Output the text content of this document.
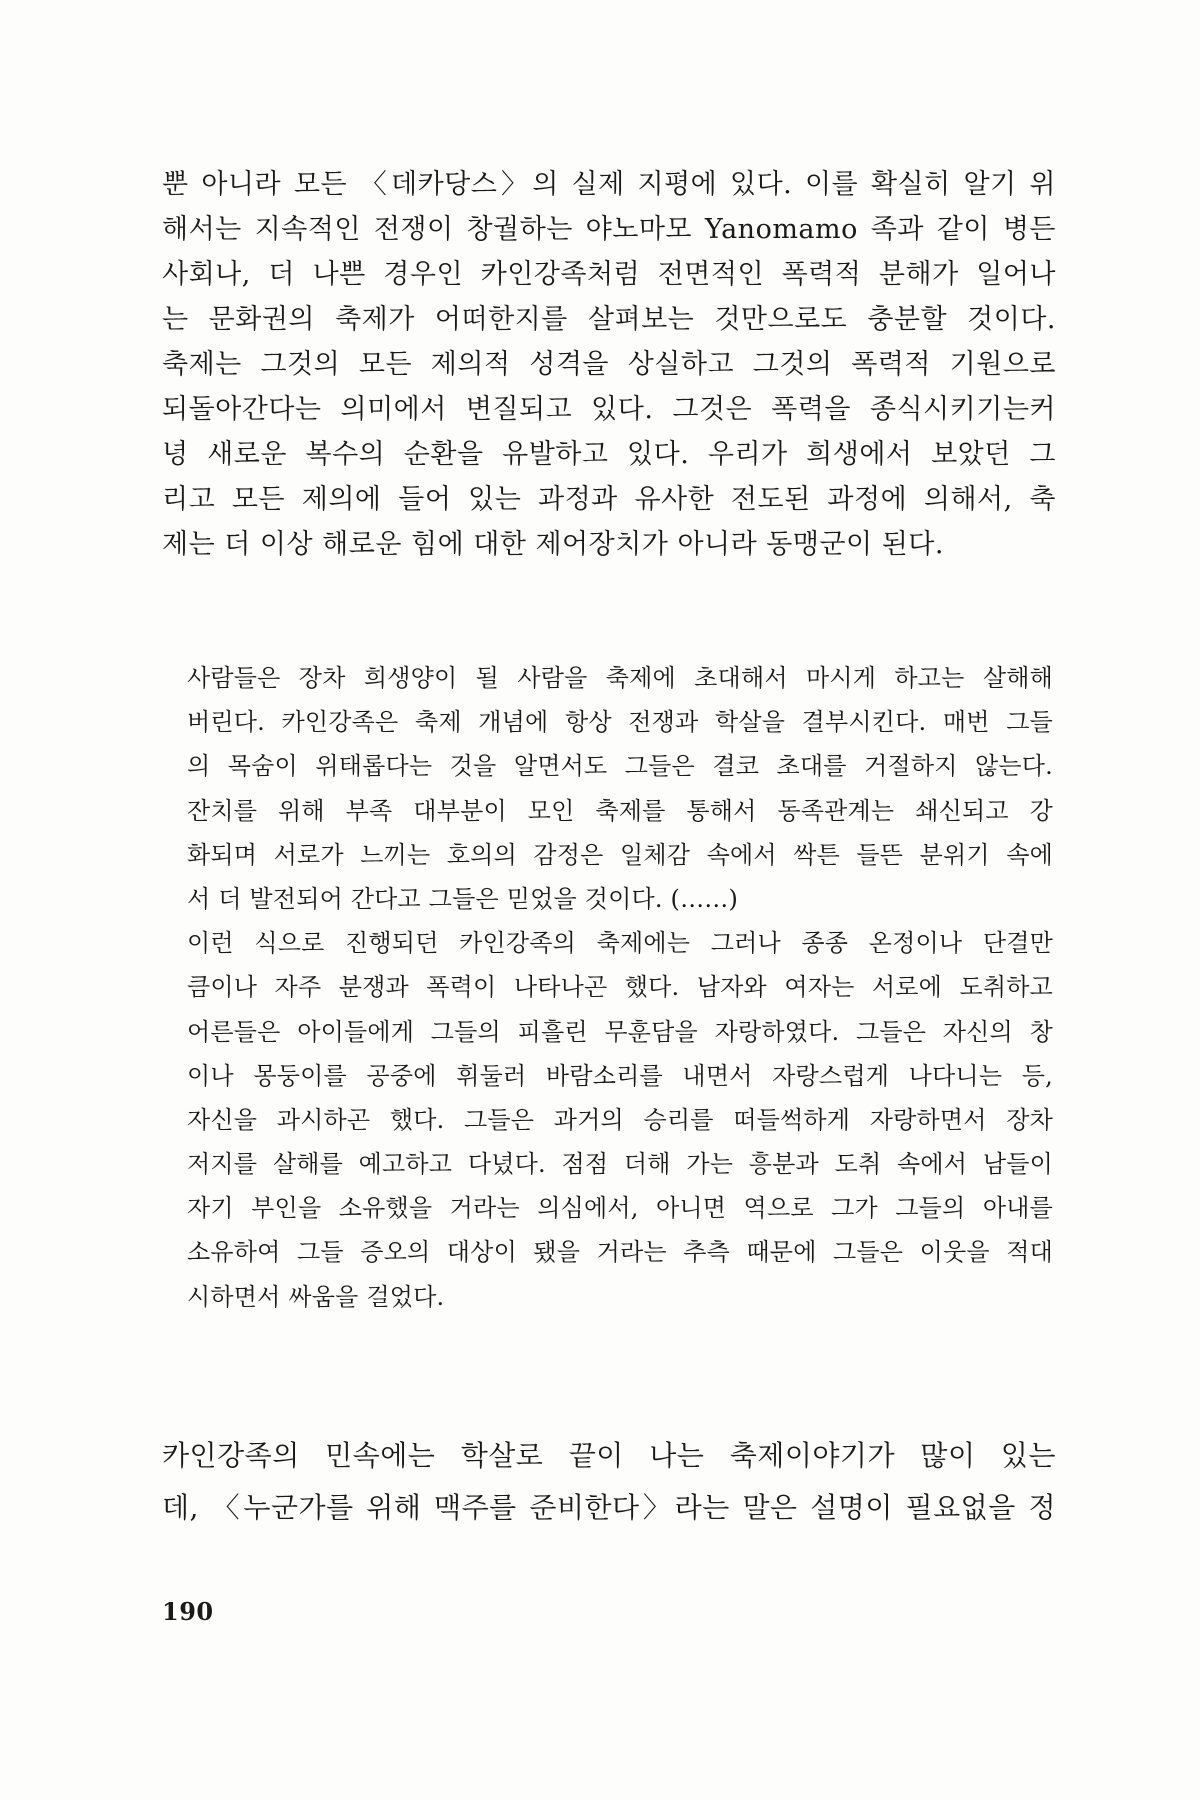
뿐 아니라 모든 〈데카당스〉의 실제 지평에 있다. 이를 확실히 알기 위
해서는 지속적인 전쟁이 창궐하는 야노마모 Yanomamo 족과 같이 병든
사회나, 더 나쁜 경우인 카인강족처럼 전면적인 폭력적 분해가 일어나
는 문화권의 축제가 어떠한지를 살펴보는 것만으로도 충분할 것이다.
축제는 그것의 모든 제의적 성격을 상실하고 그것의 폭력적 기원으로
되돌아간다는 의미에서 변질되고 있다. 그것은 폭력을 종식시키기는커
녕 새로운 복수의 순환을 유발하고 있다. 우리가 희생에서 보았던 그
리고 모든 제의에 들어 있는 과정과 유사한 전도된 과정에 의해서, 축
제는 더 이상 해로운 힘에 대한 제어장치가 아니라 동맹군이 된다.
사람들은 장차 희생양이 될 사람을 축제에 초대해서 마시게 하고는 살해해
버린다. 카인강족은 축제 개념에 항상 전쟁과 학살을 결부시킨다. 매번 그들
의 목숨이 위태롭다는 것을 알면서도 그들은 결코 초대를 거절하지 않는다.
잔치를 위해 부족 대부분이 모인 축제를 통해서 동족관계는 쇄신되고 강
화되며 서로가 느끼는 호의의 감정은 일체감 속에서 싹튼 들뜬 분위기 속에
서 더 발전되어 간다고 그들은 믿었을 것이다. (……)
이런 식으로 진행되던 카인강족의 축제에는 그러나 종종 온정이나 단결만
큼이나 자주 분쟁과 폭력이 나타나곤 했다. 남자와 여자는 서로에 도취하고
어른들은 아이들에게 그들의 피흘린 무훈담을 자랑하였다. 그들은 자신의 창
이나 몽둥이를 공중에 휘둘러 바람소리를 내면서 자랑스럽게 나다니는 등,
자신을 과시하곤 했다. 그들은 과거의 승리를 떠들썩하게 자랑하면서 장차
저지를 살해를 예고하고 다녔다. 점점 더해 가는 흥분과 도취 속에서 남들이
자기 부인을 소유했을 거라는 의심에서, 아니면 역으로 그가 그들의 아내를
소유하여 그들 증오의 대상이 됐을 거라는 추측 때문에 그들은 이웃을 적대
시하면서 싸움을 걸었다.
카인강족의 민속에는 학살로 끝이 나는 축제이야기가 많이 있는
데, 〈누군가를 위해 맥주를 준비한다〉라는 말은 설명이 필요없을 정
190
